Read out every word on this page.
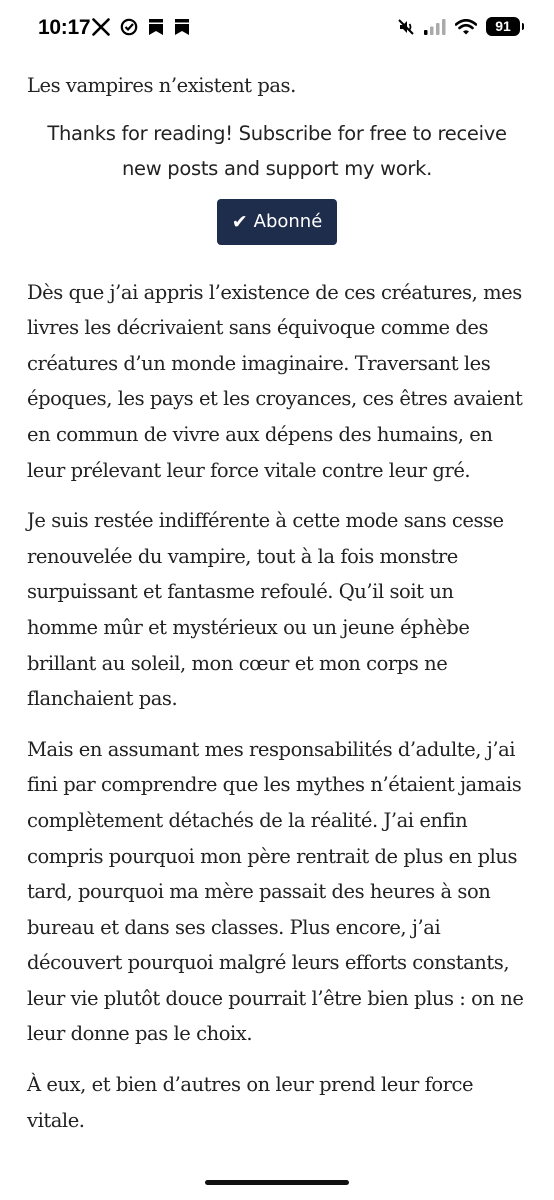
10:17	91

Les vampires n’existent pas.

Thanks for reading! Subscribe for free to receive new posts and support my work.

✔ Abonné

Dès que j’ai appris l’existence de ces créatures, mes livres les décrivaient sans équivoque comme des créatures d’un monde imaginaire. Traversant les époques, les pays et les croyances, ces êtres avaient en commun de vivre aux dépens des humains, en leur prélevant leur force vitale contre leur gré.

Je suis restée indifférente à cette mode sans cesse renouvelée du vampire, tout à la fois monstre surpuissant et fantasme refoulé. Qu’il soit un homme mûr et mystérieux ou un jeune éphèbe brillant au soleil, mon cœur et mon corps ne flanchaient pas.

Mais en assumant mes responsabilités d’adulte, j’ai fini par comprendre que les mythes n’étaient jamais complètement détachés de la réalité. J’ai enfin compris pourquoi mon père rentrait de plus en plus tard, pourquoi ma mère passait des heures à son bureau et dans ses classes. Plus encore, j’ai découvert pourquoi malgré leurs efforts constants, leur vie plutôt douce pourrait l’être bien plus : on ne leur donne pas le choix.

À eux, et bien d’autres on leur prend leur force vitale.
